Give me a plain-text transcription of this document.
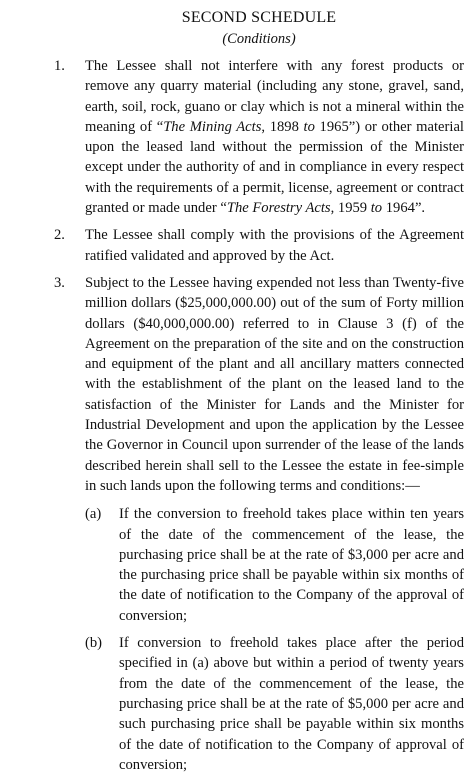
SECOND SCHEDULE
(Conditions)
1.	The Lessee shall not interfere with any forest products or remove any quarry material (including any stone, gravel, sand, earth, soil, rock, guano or clay which is not a mineral within the meaning of “The Mining Acts, 1898 to 1965”) or other material upon the leased land without the permission of the Minister except under the authority of and in compliance in every respect with the requirements of a permit, license, agreement or contract granted or made under “The Forestry Acts, 1959 to 1964”.
2.	The Lessee shall comply with the provisions of the Agreement ratified validated and approved by the Act.
3.	Subject to the Lessee having expended not less than Twenty-five million dollars ($25,000,000.00) out of the sum of Forty million dollars ($40,000,000.00) referred to in Clause 3 (f) of the Agreement on the preparation of the site and on the construction and equipment of the plant and all ancillary matters connected with the establishment of the plant on the leased land to the satisfaction of the Minister for Lands and the Minister for Industrial Development and upon the application by the Lessee the Governor in Council upon surrender of the lease of the lands described herein shall sell to the Lessee the estate in fee-simple in such lands upon the following terms and conditions:—
(a)	If the conversion to freehold takes place within ten years of the date of the commencement of the lease, the purchasing price shall be at the rate of $3,000 per acre and the purchasing price shall be payable within six months of the date of notification to the Company of the approval of conversion;
(b)	If conversion to freehold takes place after the period specified in (a) above but within a period of twenty years from the date of the commencement of the lease, the purchasing price shall be at the rate of $5,000 per acre and such purchasing price shall be payable within six months of the date of notification to the Company of approval of conversion;
